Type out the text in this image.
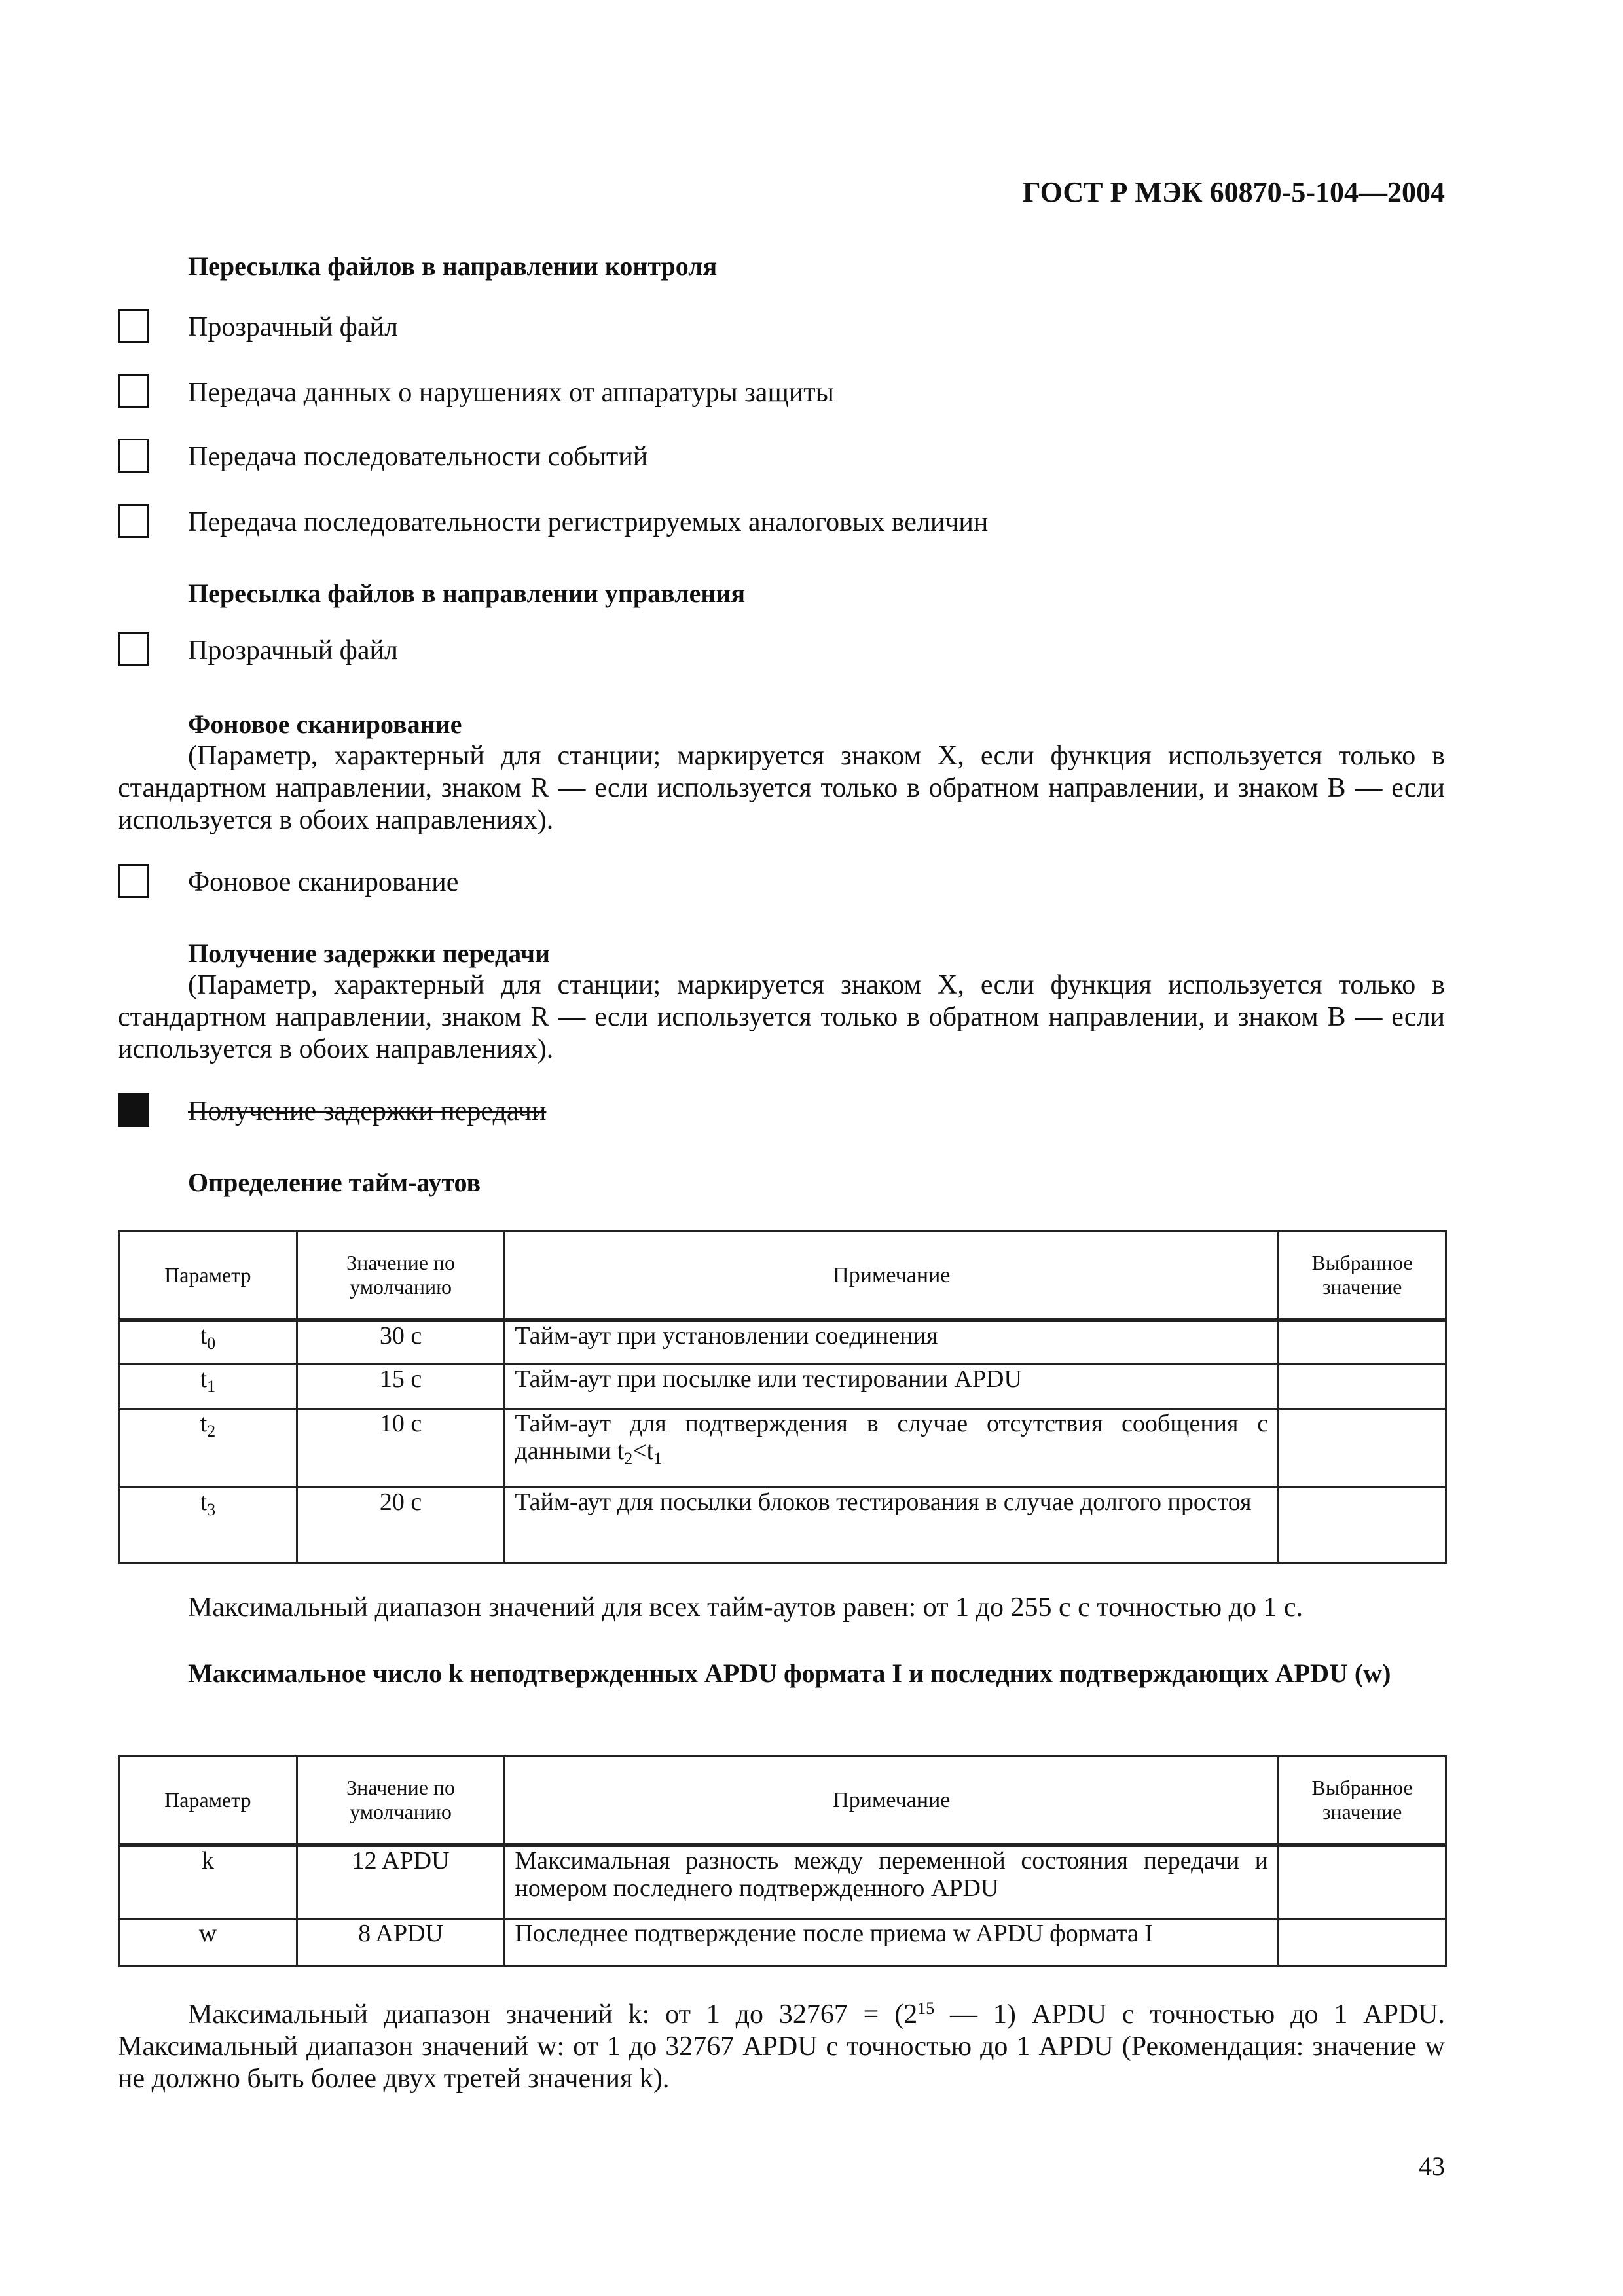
ГОСТ Р МЭК 60870-5-104—2004
Пересылка файлов в направлении контроля
Прозрачный файл
Передача данных о нарушениях от аппаратуры защиты
Передача последовательности событий
Передача последовательности регистрируемых аналоговых величин
Пересылка файлов в направлении управления
Прозрачный файл
Фоновое сканирование
(Параметр, характерный для станции; маркируется знаком X, если функция используется только в стандартном направлении, знаком R — если используется только в обратном направлении, и знаком B — если используется в обоих направлениях).
Фоновое сканирование
Получение задержки передачи
(Параметр, характерный для станции; маркируется знаком X, если функция используется только в стандартном направлении, знаком R — если используется только в обратном направлении, и знаком B — если используется в обоих направлениях).
Получение задержки передачи
Определение тайм-аутов
Параметр	Значение по умолчанию	Примечание	Выбранное значение
$t_0$	30 с	Тайм-аут при установлении соединения	
$t_1$	15 с	Тайм-аут при посылке или тестировании APDU	
$t_2$	10 с	Тайм-аут для подтверждения в случае отсутствия сообщения с данными $t_2<t_1$	
$t_3$	20 с	Тайм-аут для посылки блоков тестирования в случае долгого простоя	
Максимальный диапазон значений для всех тайм-аутов равен: от 1 до 255 с с точностью до 1 с.
Максимальное число k неподтвержденных APDU формата I и последних подтверждающих APDU (w)
Параметр	Значение по умолчанию	Примечание	Выбранное значение
k	12 APDU	Максимальная разность между переменной состояния передачи и номером последнего подтвержденного APDU	
w	8 APDU	Последнее подтверждение после приема w APDU формата I	
Максимальный диапазон значений k: от 1 до $32767 = (2^{15}$ — 1) APDU с точностью до 1 APDU. Максимальный диапазон значений w: от 1 до 32767 APDU с точностью до 1 APDU (Рекомендация: значение w не должно быть более двух третей значения k).
43
